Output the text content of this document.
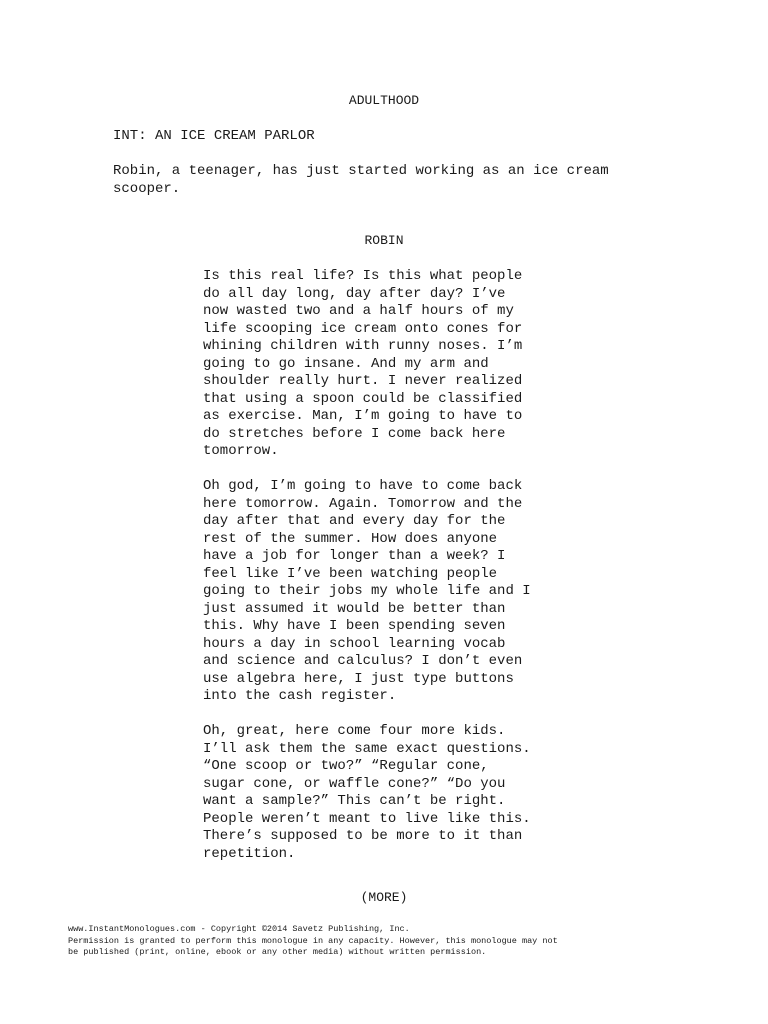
ADULTHOOD
INT: AN ICE CREAM PARLOR
Robin, a teenager, has just started working as an ice cream
scooper.
ROBIN

Is this real life? Is this what people
do all day long, day after day? I’ve
now wasted two and a half hours of my
life scooping ice cream onto cones for
whining children with runny noses. I’m
going to go insane. And my arm and
shoulder really hurt. I never realized
that using a spoon could be classified
as exercise. Man, I’m going to have to
do stretches before I come back here
tomorrow.

Oh god, I’m going to have to come back
here tomorrow. Again. Tomorrow and the
day after that and every day for the
rest of the summer. How does anyone
have a job for longer than a week? I
feel like I’ve been watching people
going to their jobs my whole life and I
just assumed it would be better than
this. Why have I been spending seven
hours a day in school learning vocab
and science and calculus? I don’t even
use algebra here, I just type buttons
into the cash register.

Oh, great, here come four more kids.
I’ll ask them the same exact questions.
“One scoop or two?” “Regular cone,
sugar cone, or waffle cone?” “Do you
want a sample?” This can’t be right.
People weren’t meant to live like this.
There’s supposed to be more to it than
repetition.

(MORE)
www.InstantMonologues.com - Copyright ©2014 Savetz Publishing, Inc.
Permission is granted to perform this monologue in any capacity. However, this monologue may not
be published (print, online, ebook or any other media) without written permission.
